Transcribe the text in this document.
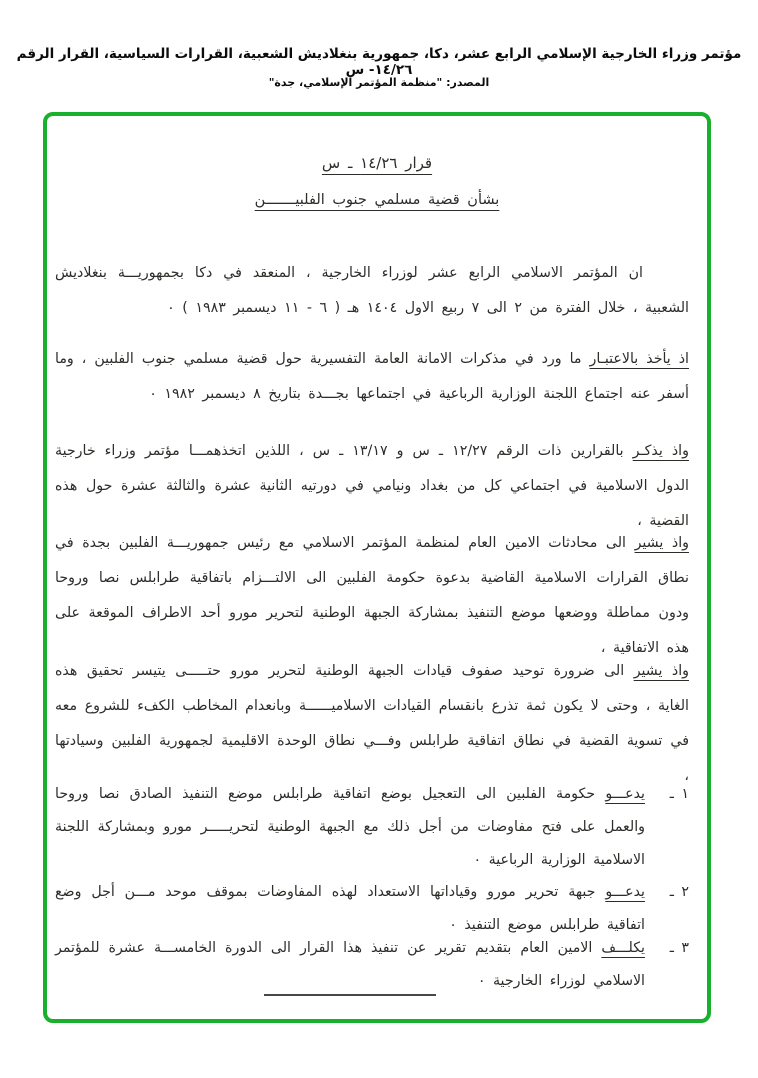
مؤتمر وزراء الخارجية الإسلامي الرابع عشر، دكا، جمهورية بنغلاديش الشعبية، القرارات السياسية، القرار الرقم ١٤/٢٦- س
المصدر: "منظمة المؤتمر الإسلامي، جدة"
قرار ١٤/٢٦ ـ س
بشأن قضية مسلمي جنوب الفلبيـــــــن
ان المؤتمر الاسلامي الرابع عشر لوزراء الخارجية ، المنعقد في دكا بجمهوريـــة بنغلاديش الشعبية ، خلال الفترة من ٢ الى ٧ ربيع الاول ١٤٠٤ هـ ( ٦ - ١١ ديسمبر ١٩٨٣ ) ٠
اذ يأخذ بالاعتبـار ما ورد في مذكرات الامانة العامة التفسيرية حول قضية مسلمي جنوب الفلبين ، وما أسفر عنه اجتماع اللجنة الوزارية الرباعية في اجتماعها بجـــدة بتاريخ ٨ ديسمبر ١٩٨٢ ٠
واذ يذكـر بالقرارين ذات الرقم ١٢/٢٧ ـ س و ١٣/١٧ ـ س ، اللذين اتخذهمـــا مؤتمر وزراء خارجية الدول الاسلامية في اجتماعي كل من بغداد ونيامي في دورتيه الثانية عشرة والثالثة عشرة حول هذه القضية ،
واذ يشير الى محادثات الامين العام لمنظمة المؤتمر الاسلامي مع رئيس جمهوريـــة الفلبين بجدة في نطاق القرارات الاسلامية القاضية بدعوة حكومة الفلبين الى الالتـــزام باتفاقية طرابلس نصا وروحا ودون مماطلة ووضعها موضع التنفيذ بمشاركة الجبهة الوطنية لتحرير مورو أحد الاطراف الموقعة على هذه الاتفاقية ،
واذ يشير الى ضرورة توحيد صفوف قيادات الجبهة الوطنية لتحرير مورو حتـــــى يتيسر تحقيق هذه الغاية ، وحتى لا يكون ثمة تذرع بانقسام القيادات الاسلاميــــــة وبانعدام المخاطب الكفء للشروع معه في تسوية القضية في نطاق اتفاقية طرابلس وفـــي نطاق الوحدة الاقليمية لجمهورية الفلبين وسيادتها ،
١ ـ
يدعـــو حكومة الفلبين الى التعجيل بوضع اتفاقية طرابلس موضع التنفيذ الصادق نصا وروحا والعمل على فتح مفاوضات من أجل ذلك مع الجبهة الوطنية لتحريـــــر مورو وبمشاركة اللجنة الاسلامية الوزارية الرباعية ٠
٢ ـ
يدعـــو جبهة تحرير مورو وقياداتها الاستعداد لهذه المفاوضات بموقف موحد مـــن أجل وضع اتفاقية طرابلس موضع التنفيذ ٠
٣ ـ
يكلـــف الامين العام بتقديم تقرير عن تنفيذ هذا القرار الى الدورة الخامســـة عشرة للمؤتمر الاسلامي لوزراء الخارجية ٠
